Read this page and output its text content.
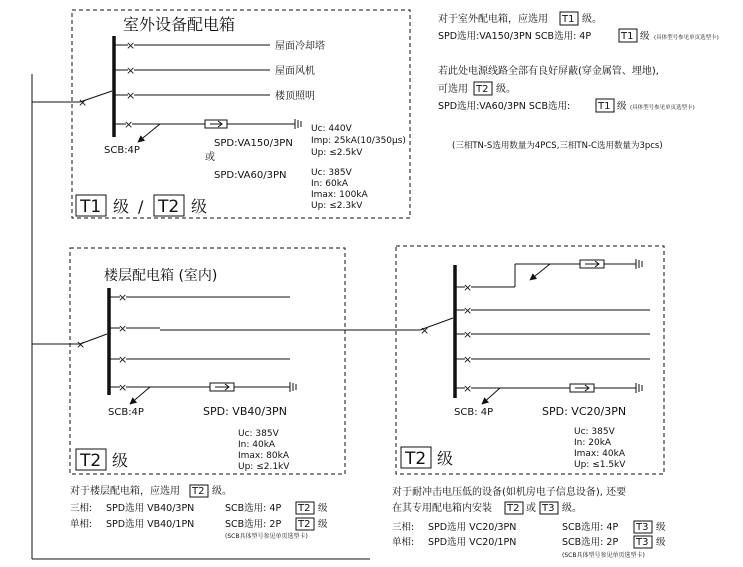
室外设备配电箱
×
×
×
×
屋面冷却塔
屋面风机
楼顶照明
×
SCB:4P
SPD:VA150/3PN
或
SPD:VA60/3PN
Uc: 440V
Imp: 25kA(10/350µs)
Up: ≤2.5kV
Uc: 385V
In: 60kA
Imax: 100kA
Up: ≤2.3kV
T1 级 / T2 级
楼层配电箱 (室内)
×
×
×
×
×
SCB:4P	SPD: VB40/3PN
Uc: 385V
In: 40kA
Imax: 80kA
Up: ≤2.1kV
T2 级
对于楼层配电箱，应选用 T2 级。
三相: SPD选用 VB40/3PN	SCB选用: 4P T2 级
单相: SPD选用 VB40/1PN	SCB选用: 2P T2 级
(SCB具体型号参见单页选型卡)
×
×
×
×
×
×
SCB: 4P	SPD: VC20/3PN
Uc: 385V
In: 20kA
Imax: 40kA
Up: ≤1.5kV
T2 级
对于耐冲击电压低的设备(如机房电子信息设备), 还要
在其专用配电箱内安装 T2 或 T3 级。
三相: SPD选用 VC20/3PN	SCB选用: 4P T3 级
单相: SPD选用 VC20/1PN	SCB选用: 2P T3 级
(SCB具体型号参见单页选型卡)
对于室外配电箱，应选用 T1 级。
SPD选用:VA150/3PN SCB选用: 4P	T1 级 (具体型号参见单页选型卡)
若此处电源线路全部有良好屏蔽(穿金属管、埋地),
可选用 T2 级。
SPD选用:VA60/3PN SCB选用:	T1 级 (具体型号参见单页选型卡)
(三相TN-S选用数量为4PCS,三相TN-C选用数量为3pcs)
